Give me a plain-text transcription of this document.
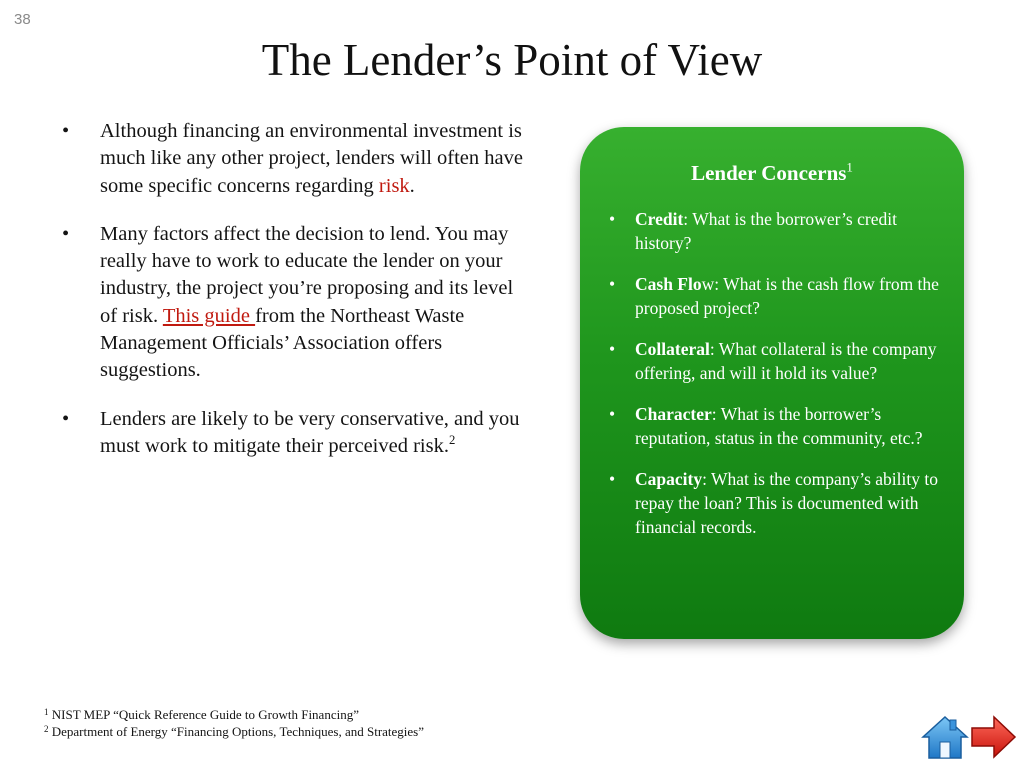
38
The Lender’s Point of View
• Although financing an environmental investment is much like any other project, lenders will often have some specific concerns regarding risk.
• Many factors affect the decision to lend. You may really have to work to educate the lender on your industry, the project you’re proposing and its level of risk. This guide from the Northeast Waste Management Officials’ Association offers suggestions.
• Lenders are likely to be very conservative, and you must work to mitigate their perceived risk.$^2$
Lender Concerns$^1$
• Credit: What is the borrower’s credit history?
• Cash Flow: What is the cash flow from the proposed project?
• Collateral: What collateral is the company offering, and will it hold its value?
• Character: What is the borrower’s reputation, status in the community, etc.?
• Capacity: What is the company’s ability to repay the loan? This is documented with financial records.
$^1$ NIST MEP “Quick Reference Guide to Growth Financing”
$^2$ Department of Energy “Financing Options, Techniques, and Strategies”
